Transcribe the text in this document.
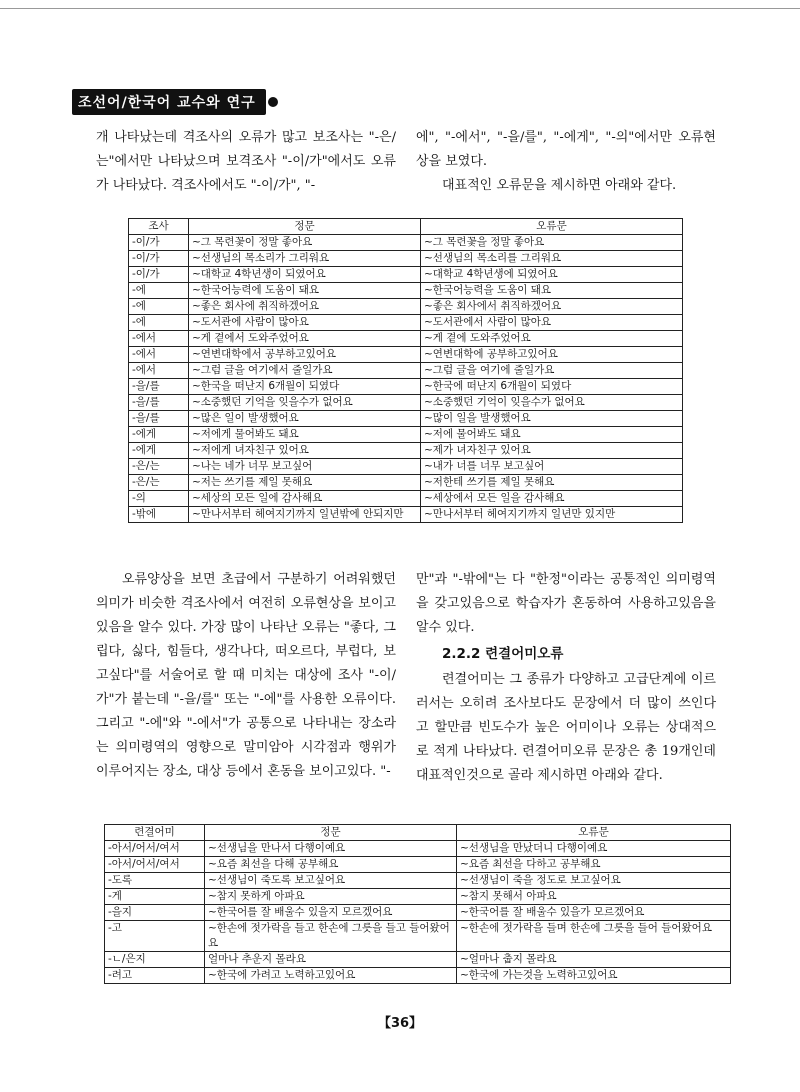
조선어/한국어 교수와 연구

개 나타났는데 격조사의 오류가 많고 보조사는 "-은/는"에서만 나타났으며 보격조사 "-이/가"에서도 오류가 나타났다. 격조사에서도 "-이/가", "-

에", "-에서", "-을/를", "-에게", "-의"에서만 오류현상을 보였다.

대표적인 오류문을 제시하면 아래와 같다.

조사	정문	오류문
-이/가	~그 목련꽃이 정말 좋아요	~그 목련꽃을 정말 좋아요
-이/가	~선생님의 목소리가 그리워요	~선생님의 목소리를 그리워요
-이/가	~대학교 4학년생이 되였어요	~대학교 4학년생에 되였어요
-에	~한국어능력에 도움이 돼요	~한국어능력을 도움이 돼요
-에	~좋은 회사에 취직하겠어요	~좋은 회사에서 취직하겠어요
-에	~도서관에 사람이 많아요	~도서관에서 사람이 많아요
-에서	~게 곁에서 도와주었어요	~게 곁에 도와주었어요
-에서	~연변대학에서 공부하고있어요	~연변대학에 공부하고있어요
-에서	~그럼 글을 여기에서 줄일가요	~그럼 글을 여기에 줄일가요
-을/를	~한국을 떠난지 6개월이 되였다	~한국에 떠난지 6개월이 되였다
-을/를	~소중했던 기억을 잊을수가 없어요	~소중했던 기억이 잊을수가 없어요
-을/를	~많은 일이 발생했어요	~많이 일을 발생했어요
-에게	~저에게 물어봐도 돼요	~저에 물어봐도 돼요
-에게	~저에게 녀자친구 있어요	~제가 녀자친구 있어요
-은/는	~나는 네가 너무 보고싶어	~내가 너를 너무 보고싶어
-은/는	~저는 쓰기를 제일 못해요	~저한테 쓰기를 제일 못해요
-의	~세상의 모든 일에 감사해요	~세상에서 모든 일을 감사해요
-밖에	~만나서부터 헤여지기까지 일년밖에 안되지만	~만나서부터 헤여지기까지 일년만 있지만

오류양상을 보면 초급에서 구분하기 어려워했던 의미가 비슷한 격조사에서 여전히 오류현상을 보이고있음을 알수 있다. 가장 많이 나타난 오류는 "좋다, 그립다, 싫다, 힘들다, 생각나다, 떠오르다, 부럽다, 보고싶다"를 서술어로 할 때 미치는 대상에 조사 "-이/가"가 붙는데 "-을/를" 또는 "-에"를 사용한 오류이다. 그리고 "-에"와 "-에서"가 공통으로 나타내는 장소라는 의미령역의 영향으로 말미암아 시각점과 행위가 이루어지는 장소, 대상 등에서 혼동을 보이고있다. "-

만"과 "-밖에"는 다 "한정"이라는 공통적인 의미령역을 갖고있음으로 학습자가 혼동하여 사용하고있음을 알수 있다.

2.2.2 련결어미오류

련결어미는 그 종류가 다양하고 고급단계에 이르러서는 오히려 조사보다도 문장에서 더 많이 쓰인다고 할만큼 빈도수가 높은 어미이나 오류는 상대적으로 적게 나타났다. 련결어미오류 문장은 총 19개인데 대표적인것으로 골라 제시하면 아래와 같다.

련결어미	정문	오류문
-아서/어서/여서	~선생님을 만나서 다행이예요	~선생님을 만났더니 다행이예요
-아서/어서/여서	~요즘 최선을 다해 공부해요	~요즘 최선을 다하고 공부해요
-도록	~선생님이 죽도록 보고싶어요	~선생님이 죽을 정도로 보고싶어요
-게	~참지 못하게 아파요	~참지 못해서 아파요
-을지	~한국어를 잘 배울수 있을지 모르겠어요	~한국어를 잘 배울수 있을가 모르겠어요
-고	~한손에 젓가락을 들고 한손에 그릇을 들고 들어왔어요	~한손에 젓가락을 들며 한손에 그릇을 들어 들어왔어요
-ㄴ/은지	얼마나 추운지 몰라요	~얼마나 춥지 몰라요
-려고	~한국에 가려고 노력하고있어요	~한국에 가는것을 노력하고있어요
【36】
